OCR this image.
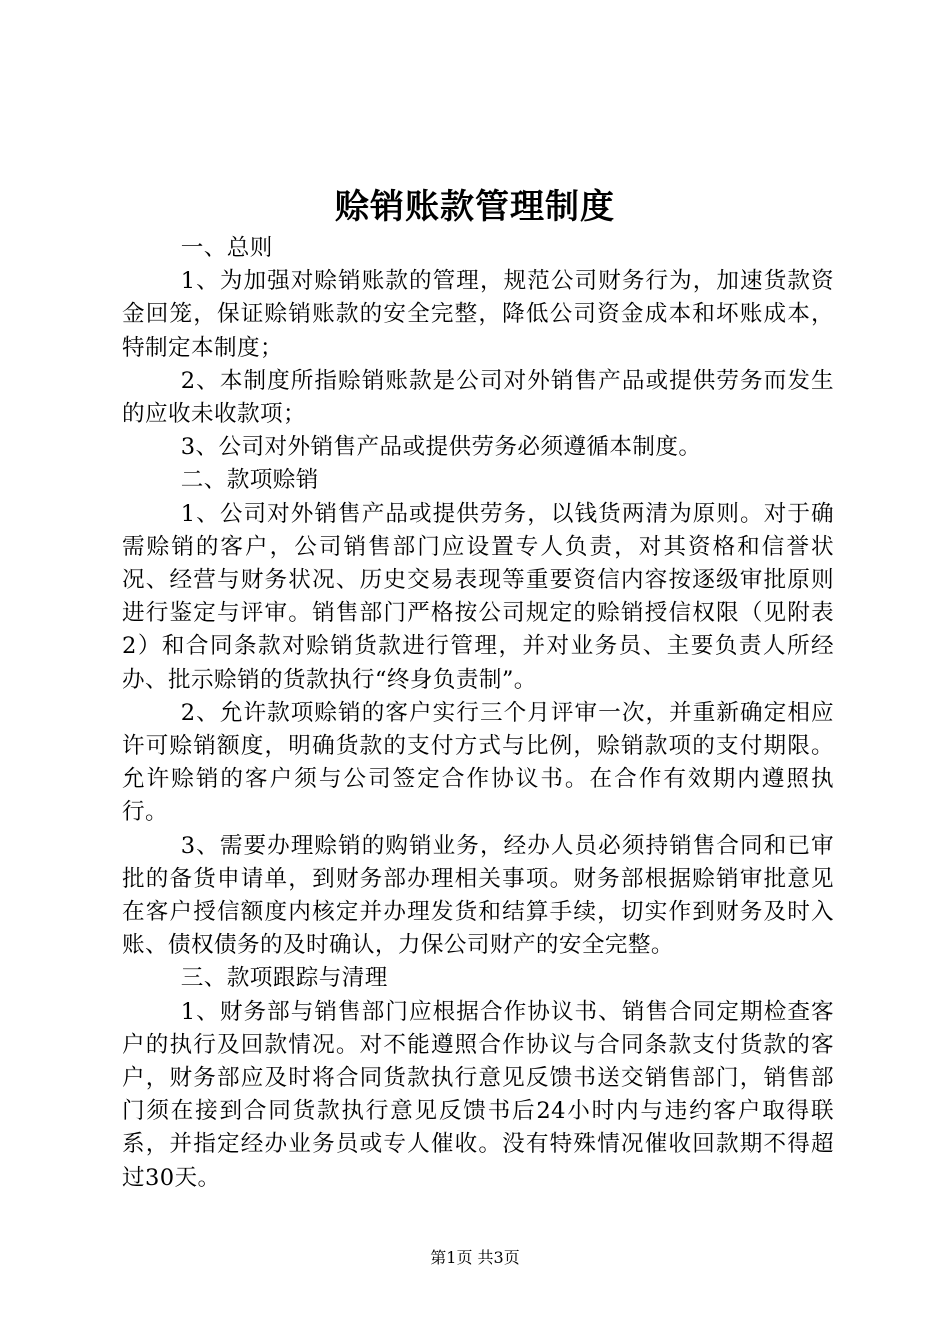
赊销账款管理制度

一、总则

1、为加强对赊销账款的管理，规范公司财务行为，加速货款资金回笼，保证赊销账款的安全完整，降低公司资金成本和坏账成本，特制定本制度；

2、本制度所指赊销账款是公司对外销售产品或提供劳务而发生的应收未收款项；

3、公司对外销售产品或提供劳务必须遵循本制度。

二、款项赊销

1、公司对外销售产品或提供劳务，以钱货两清为原则。对于确需赊销的客户，公司销售部门应设置专人负责，对其资格和信誉状况、经营与财务状况、历史交易表现等重要资信内容按逐级审批原则进行鉴定与评审。销售部门严格按公司规定的赊销授信权限（见附表2）和合同条款对赊销货款进行管理，并对业务员、主要负责人所经办、批示赊销的货款执行“终身负责制”。

2、允许款项赊销的客户实行三个月评审一次，并重新确定相应许可赊销额度，明确货款的支付方式与比例，赊销款项的支付期限。允许赊销的客户须与公司签定合作协议书。在合作有效期内遵照执行。

3、需要办理赊销的购销业务，经办人员必须持销售合同和已审批的备货申请单，到财务部办理相关事项。财务部根据赊销审批意见在客户授信额度内核定并办理发货和结算手续，切实作到财务及时入账、债权债务的及时确认，力保公司财产的安全完整。

三、款项跟踪与清理

1、财务部与销售部门应根据合作协议书、销售合同定期检查客户的执行及回款情况。对不能遵照合作协议与合同条款支付货款的客户，财务部应及时将合同货款执行意见反馈书送交销售部门，销售部门须在接到合同货款执行意见反馈书后24小时内与违约客户取得联系，并指定经办业务员或专人催收。没有特殊情况催收回款期不得超过30天。

第1页 共3页
